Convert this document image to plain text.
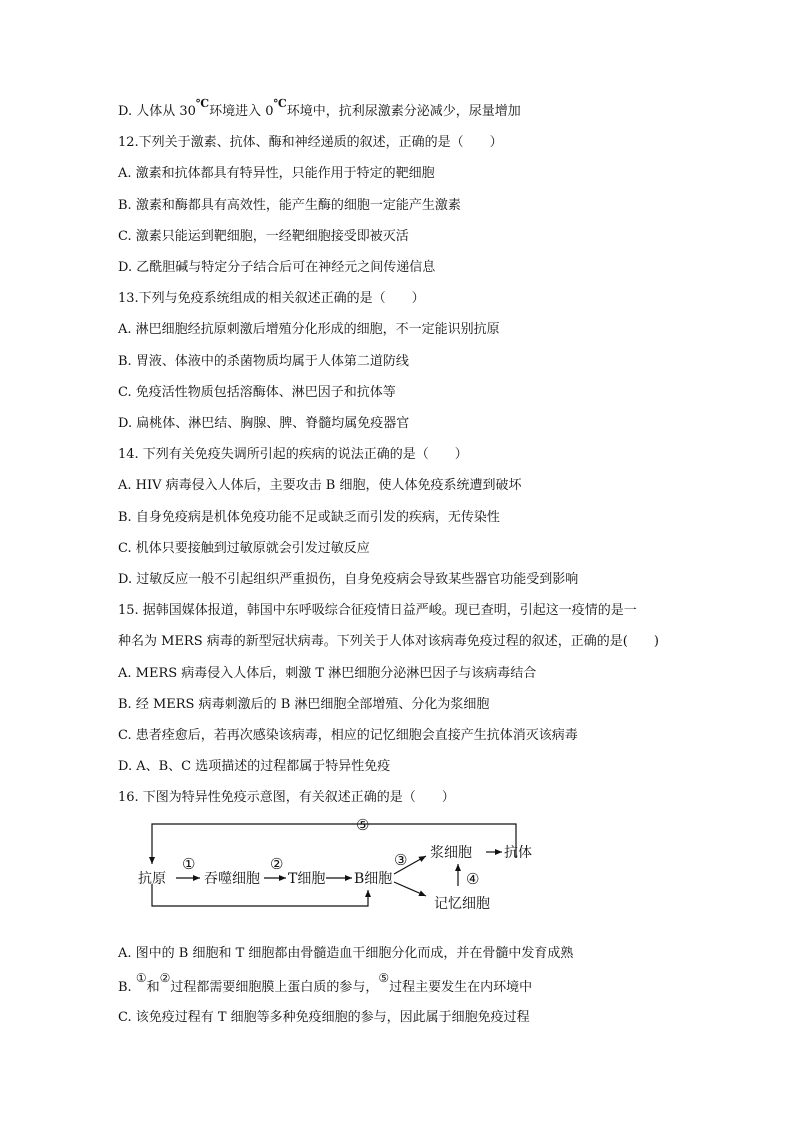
D. 人体从 30℃环境进入 0℃环境中，抗利尿激素分泌减少，尿量增加
12.下列关于激素、抗体、酶和神经递质的叙述，正确的是（　　）
A. 激素和抗体都具有特异性，只能作用于特定的靶细胞
B. 激素和酶都具有高效性，能产生酶的细胞一定能产生激素
C. 激素只能运到靶细胞，一经靶细胞接受即被灭活
D. 乙酰胆碱与特定分子结合后可在神经元之间传递信息
13.下列与免疫系统组成的相关叙述正确的是（　　）
A. 淋巴细胞经抗原刺激后增殖分化形成的细胞，不一定能识别抗原
B. 胃液、体液中的杀菌物质均属于人体第二道防线
C. 免疫活性物质包括溶酶体、淋巴因子和抗体等
D. 扁桃体、淋巴结、胸腺、脾、脊髓均属免疫器官
14. 下列有关免疫失调所引起的疾病的说法正确的是（　　）
A. HIV 病毒侵入人体后，主要攻击 B 细胞，使人体免疫系统遭到破坏
B. 自身免疫病是机体免疫功能不足或缺乏而引发的疾病，无传染性
C. 机体只要接触到过敏原就会引发过敏反应
D. 过敏反应一般不引起组织严重损伤，自身免疫病会导致某些器官功能受到影响
15. 据韩国媒体报道，韩国中东呼吸综合征疫情日益严峻。现已查明，引起这一疫情的是一
种名为 MERS 病毒的新型冠状病毒。下列关于人体对该病毒免疫过程的叙述，正确的是(　　)
A. MERS 病毒侵入人体后，刺激 T 淋巴细胞分泌淋巴因子与该病毒结合
B. 经 MERS 病毒刺激后的 B 淋巴细胞全部增殖、分化为浆细胞
C. 患者痊愈后，若再次感染该病毒，相应的记忆细胞会直接产生抗体消灭该病毒
D. A、B、C 选项描述的过程都属于特异性免疫
16. 下图为特异性免疫示意图，有关叙述正确的是（　　）
抗原	吞噬细胞 T细胞 B细胞
浆细胞 抗体
记忆细胞
①	②	③
④
⑤
A. 图中的 B 细胞和 T 细胞都由骨髓造血干细胞分化而成，并在骨髓中发育成熟
B. ①和②过程都需要细胞膜上蛋白质的参与，⑤过程主要发生在内环境中
C. 该免疫过程有 T 细胞等多种免疫细胞的参与，因此属于细胞免疫过程
